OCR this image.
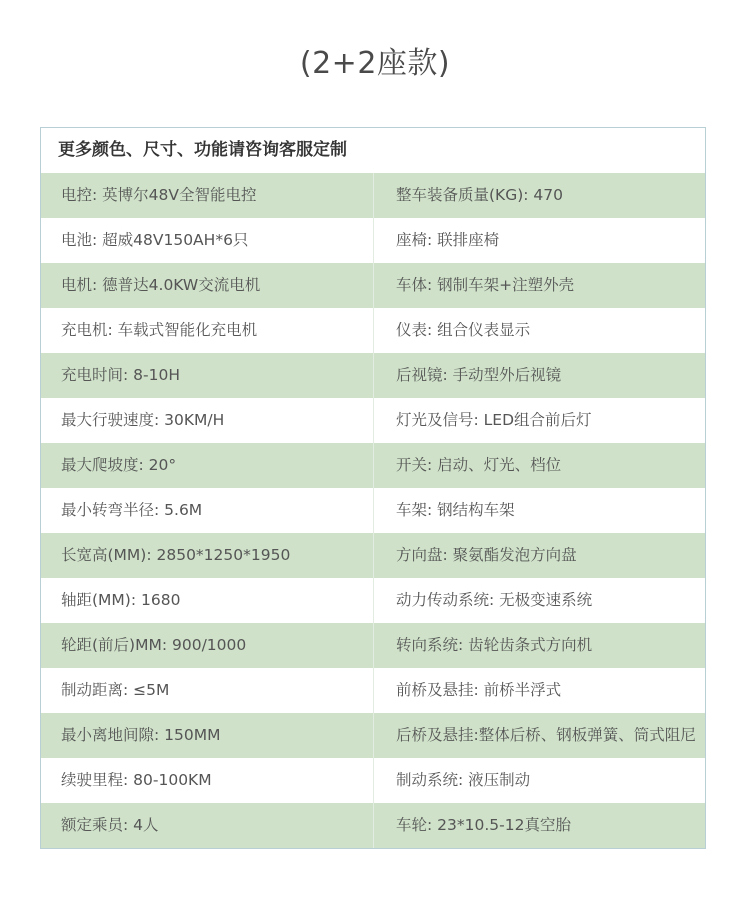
(2+2座款)
更多颜色、尺寸、功能请咨询客服定制
电控: 英博尔48V全智能电控	整车装备质量(KG): 470
电池: 超威48V150AH*6只	座椅: 联排座椅
电机: 德普达4.0KW交流电机	车体: 钢制车架+注塑外壳
充电机: 车载式智能化充电机	仪表: 组合仪表显示
充电时间: 8-10H	后视镜: 手动型外后视镜
最大行驶速度: 30KM/H	灯光及信号: LED组合前后灯
最大爬坡度: 20°	开关: 启动、灯光、档位
最小转弯半径: 5.6M	车架: 钢结构车架
长宽高(MM): 2850*1250*1950	方向盘: 聚氨酯发泡方向盘
轴距(MM): 1680	动力传动系统: 无极变速系统
轮距(前后)MM: 900/1000	转向系统: 齿轮齿条式方向机
制动距离: ≤5M	前桥及悬挂: 前桥半浮式
最小离地间隙: 150MM	后桥及悬挂:整体后桥、钢板弹簧、筒式阻尼
续驶里程: 80-100KM	制动系统: 液压制动
额定乘员: 4人	车轮: 23*10.5-12真空胎
